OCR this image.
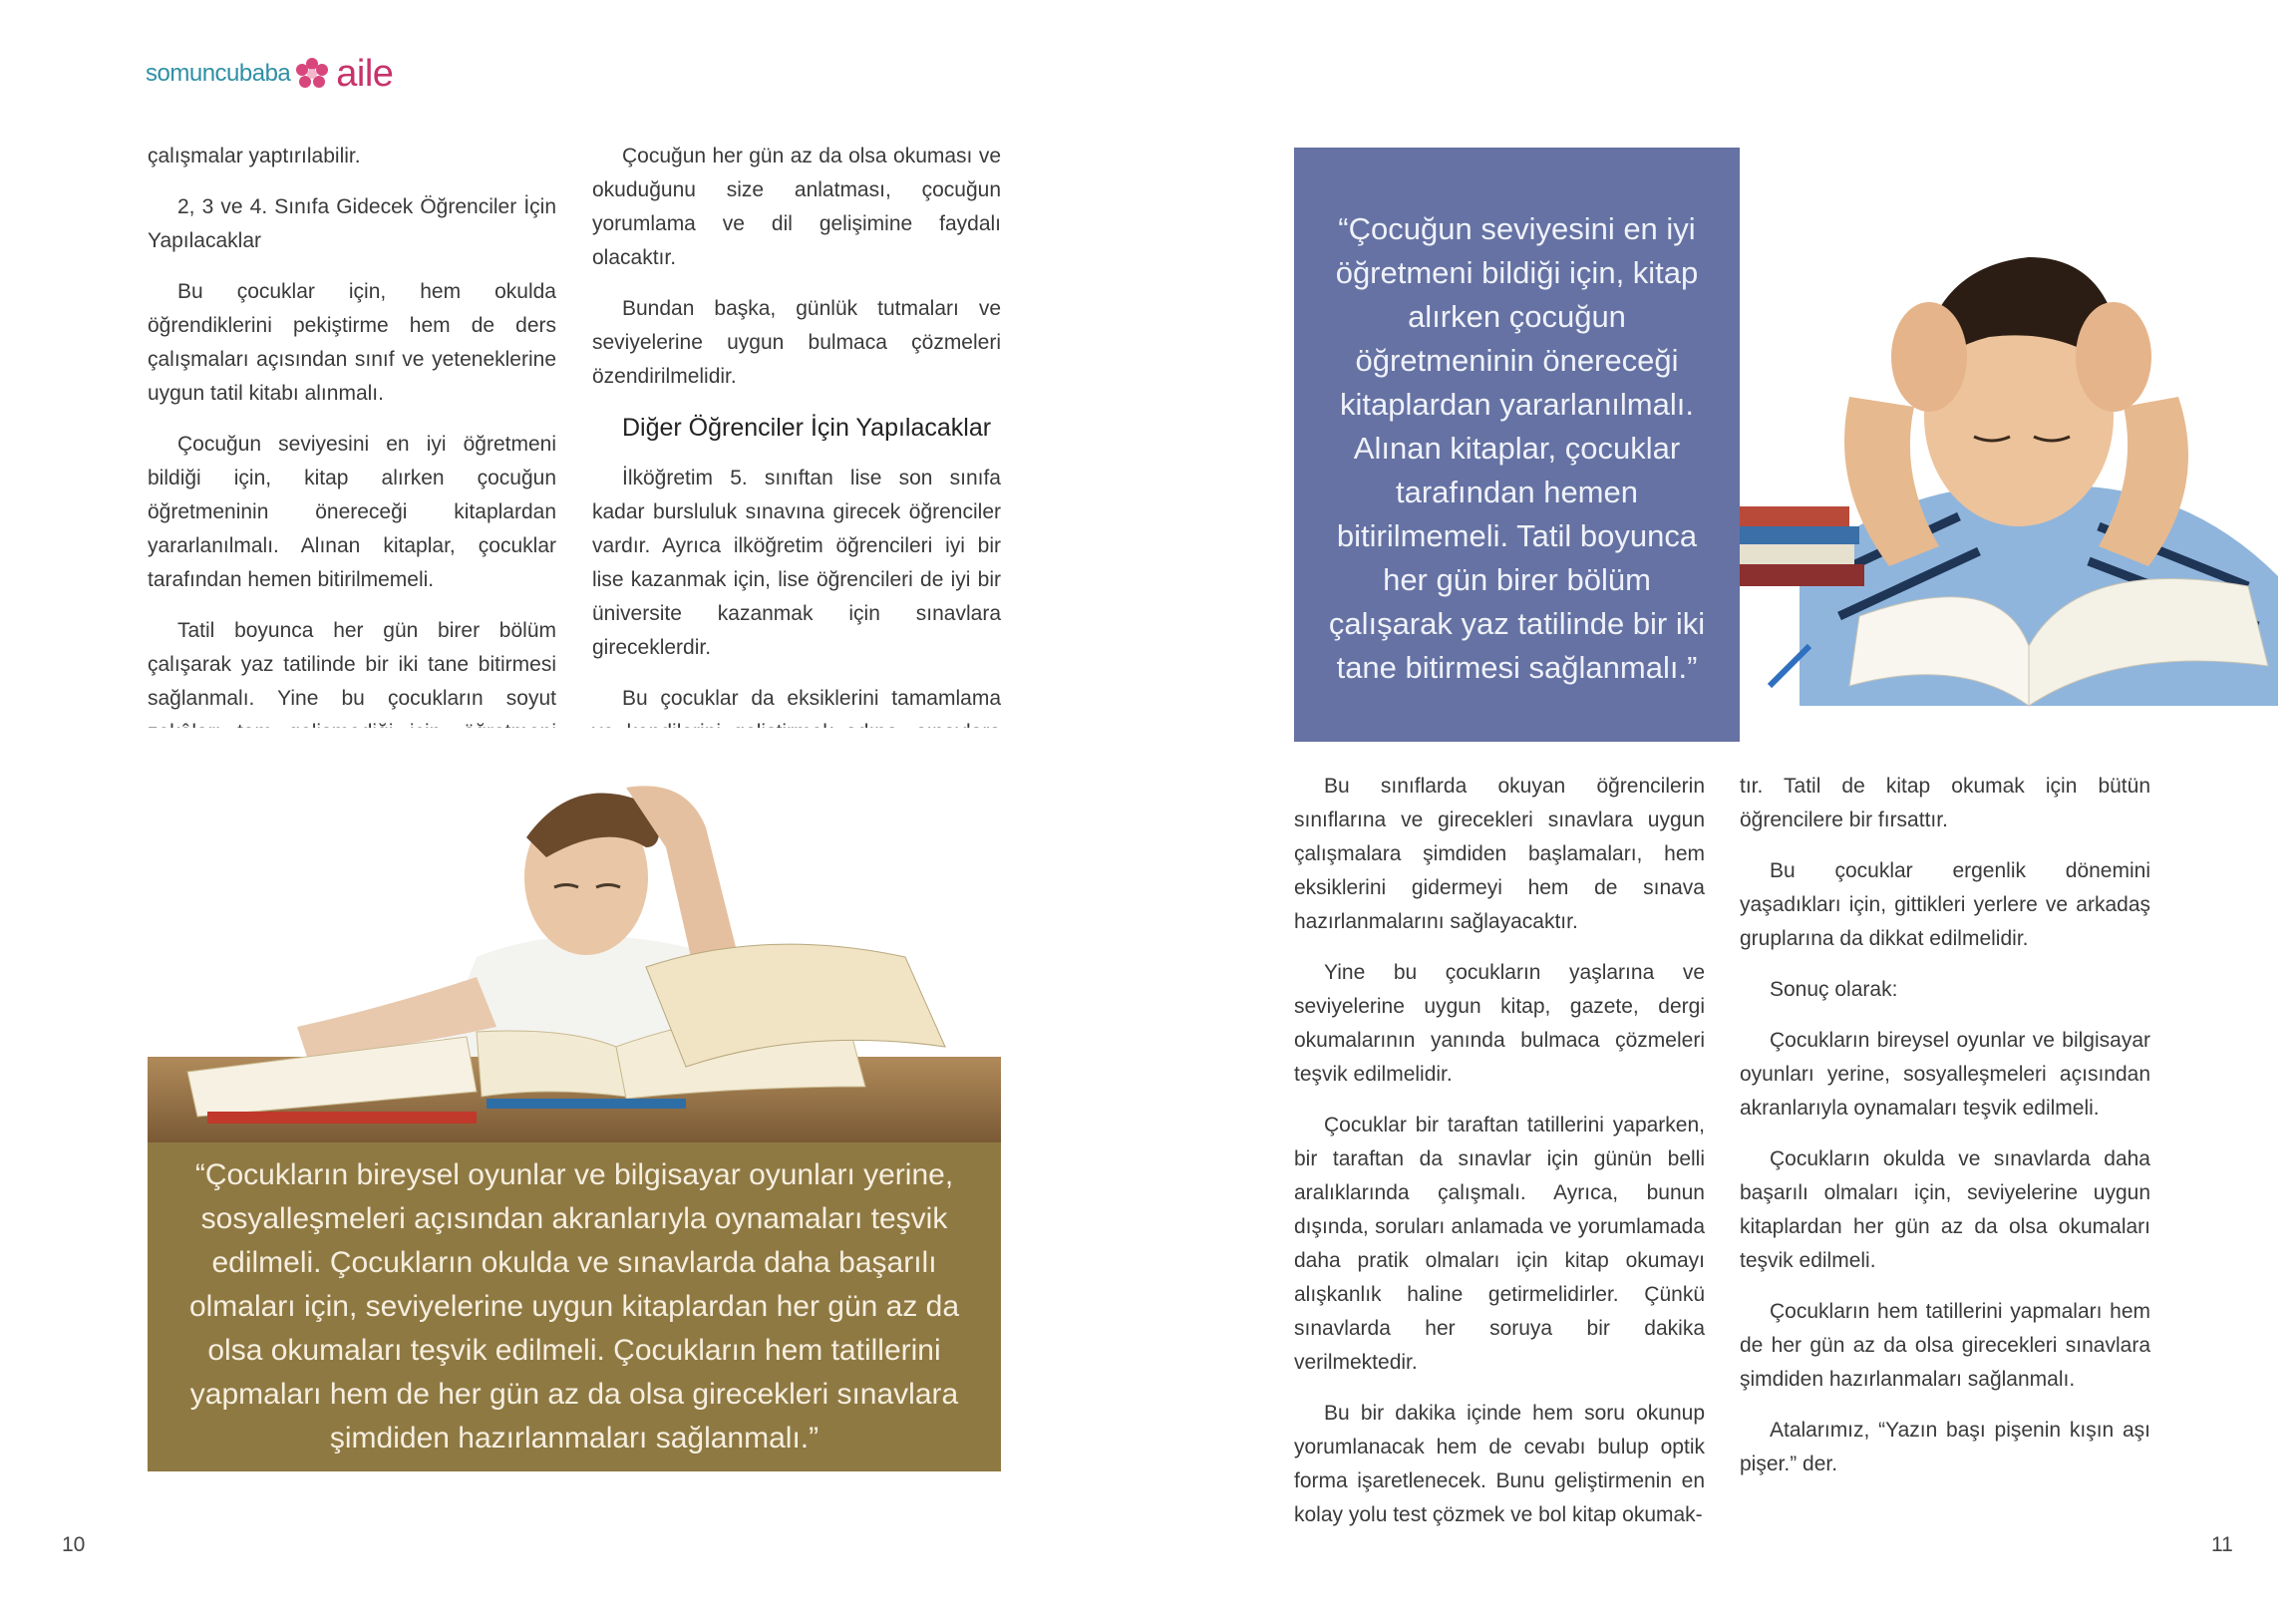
somuncubaba aile

çalışmalar yaptırılabilir.

2, 3 ve 4. Sınıfa Gidecek Öğrenciler İçin Yapılacaklar

Bu çocuklar için, hem okulda öğrendiklerini pekiştirme hem de ders çalışmaları açısından sınıf ve yeteneklerine uygun tatil kitabı alınmalı.

Çocuğun seviyesini en iyi öğretmeni bildiği için, kitap alırken çocuğun öğretmeninin önereceği kitaplardan yararlanılmalı. Alınan kitaplar, çocuklar tarafından hemen bitirilmemeli.

Tatil boyunca her gün birer bölüm çalışarak yaz tatilinde bir iki tane bitirmesi sağlanmalı. Yine bu çocukların soyut

Çocuğun her gün az da olsa okuması ve okuduğunu size anlatması, çocuğun yorumlama ve dil gelişimine faydalı olacaktır.

Bundan başka, günlük tutmaları ve seviyelerine uygun bulmaca çözmeleri özendirilmelidir.

Diğer Öğrenciler İçin Yapılacaklar

İlköğretim 5. sınıftan lise son sınıfa kadar bursluluk sınavına girecek öğrenciler vardır. Ayrıca ilköğretim öğrencileri iyi bir lise kazanmak için, lise öğrencileri de iyi bir üniversite kazanmak için sınavlara gireceklerdir.

Bu çocuklar da eksiklerini tamamlama

“Çocukların bireysel oyunlar ve bilgisayar oyunları yerine, sosyalleşmeleri açısından akranlarıyla oynamaları teşvik edilmeli. Çocukların okulda ve sınavlarda daha başarılı olmaları için, seviyelerine uygun kitaplardan her gün az da olsa okumaları teşvik edilmeli. Çocukların hem tatillerini yapmaları hem de her gün az da olsa girecekleri sınavlara şimdiden hazırlanmaları sağlanmalı.”
“Çocuğun seviyesini en iyi öğretmeni bildiği için, kitap alırken çocuğun öğretmeninin önereceği kitaplardan yararlanılmalı. Alınan kitaplar, çocuklar tarafından hemen bitirilmemeli. Tatil boyunca her gün birer bölüm çalışarak yaz tatilinde bir iki tane bitirmesi sağlanmalı.”

Bu sınıflarda okuyan öğrencilerin sınıflarına ve girecekleri sınavlara uygun çalışmalara şimdiden başlamaları, hem eksiklerini gidermeyi hem de sınava hazırlanmalarını sağlayacaktır.

Yine bu çocukların yaşlarına ve seviyelerine uygun kitap, gazete, dergi okumalarının yanında bulmaca çözmeleri teşvik edilmelidir.

Çocuklar bir taraftan tatillerini yaparken, bir taraftan da sınavlar için günün belli aralıklarında çalışmalı. Ayrıca, bunun dışında, soruları anlamada ve yorumlamada daha pratik olmaları için kitap okumayı alışkanlık haline getirmelidirler. Çünkü sınavlarda her soruya bir dakika verilmektedir.

Bu bir dakika içinde hem soru okunup yorumlanacak hem de cevabı bulup optik forma işaretlenecek. Bunu geliştirmenin en kolay yolu test çözmek ve bol kitap okumak-

tır. Tatil de kitap okumak için bütün öğrencilere bir fırsattır.

Bu çocuklar ergenlik dönemini yaşadıkları için, gittikleri yerlere ve arkadaş gruplarına da dikkat edilmelidir.

Sonuç olarak:

Çocukların bireysel oyunlar ve bilgisayar oyunları yerine, sosyalleşmeleri açısından akranlarıyla oynamaları teşvik edilmeli.

Çocukların okulda ve sınavlarda daha başarılı olmaları için, seviyelerine uygun kitaplardan her gün az da olsa okumaları teşvik edilmeli.

Çocukların hem tatillerini yapmaları hem de her gün az da olsa girecekleri sınavlara şimdiden hazırlanmaları sağlanmalı.

Atalarımız, “Yazın başı pişenin kışın aşı pişer.” der.

10	11
